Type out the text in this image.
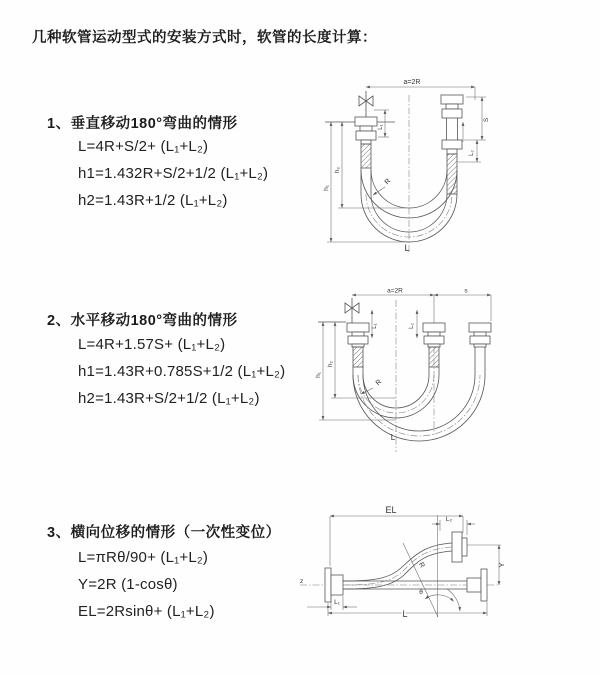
几种软管运动型式的安装方式时，软管的长度计算：
1、垂直移动180°弯曲的情形
L=4R+S/2+ (L₁+L₂)
h1=1.432R+S/2+1/2 (L₁+L₂)
h2=1.43R+1/2 (L₁+L₂)
2、水平移动180°弯曲的情形
L=4R+1.57S+ (L₁+L₂)
h1=1.43R+0.785S+1/2 (L₁+L₂)
h2=1.43R+S/2+1/2 (L₁+L₂)
3、横向位移的情形（一次性变位）
L=πRθ/90+ (L₁+L₂)
Y=2R (1-cosθ)
EL=2Rsinθ+ (L₁+L₂)
a=2R
h₁
h₂
L₁
S
L₂
R
L
a=2R	s
h₁
h₂
L₁	L₂
R
L
z
EL
L₂
R
θ
L₁
L
Y
